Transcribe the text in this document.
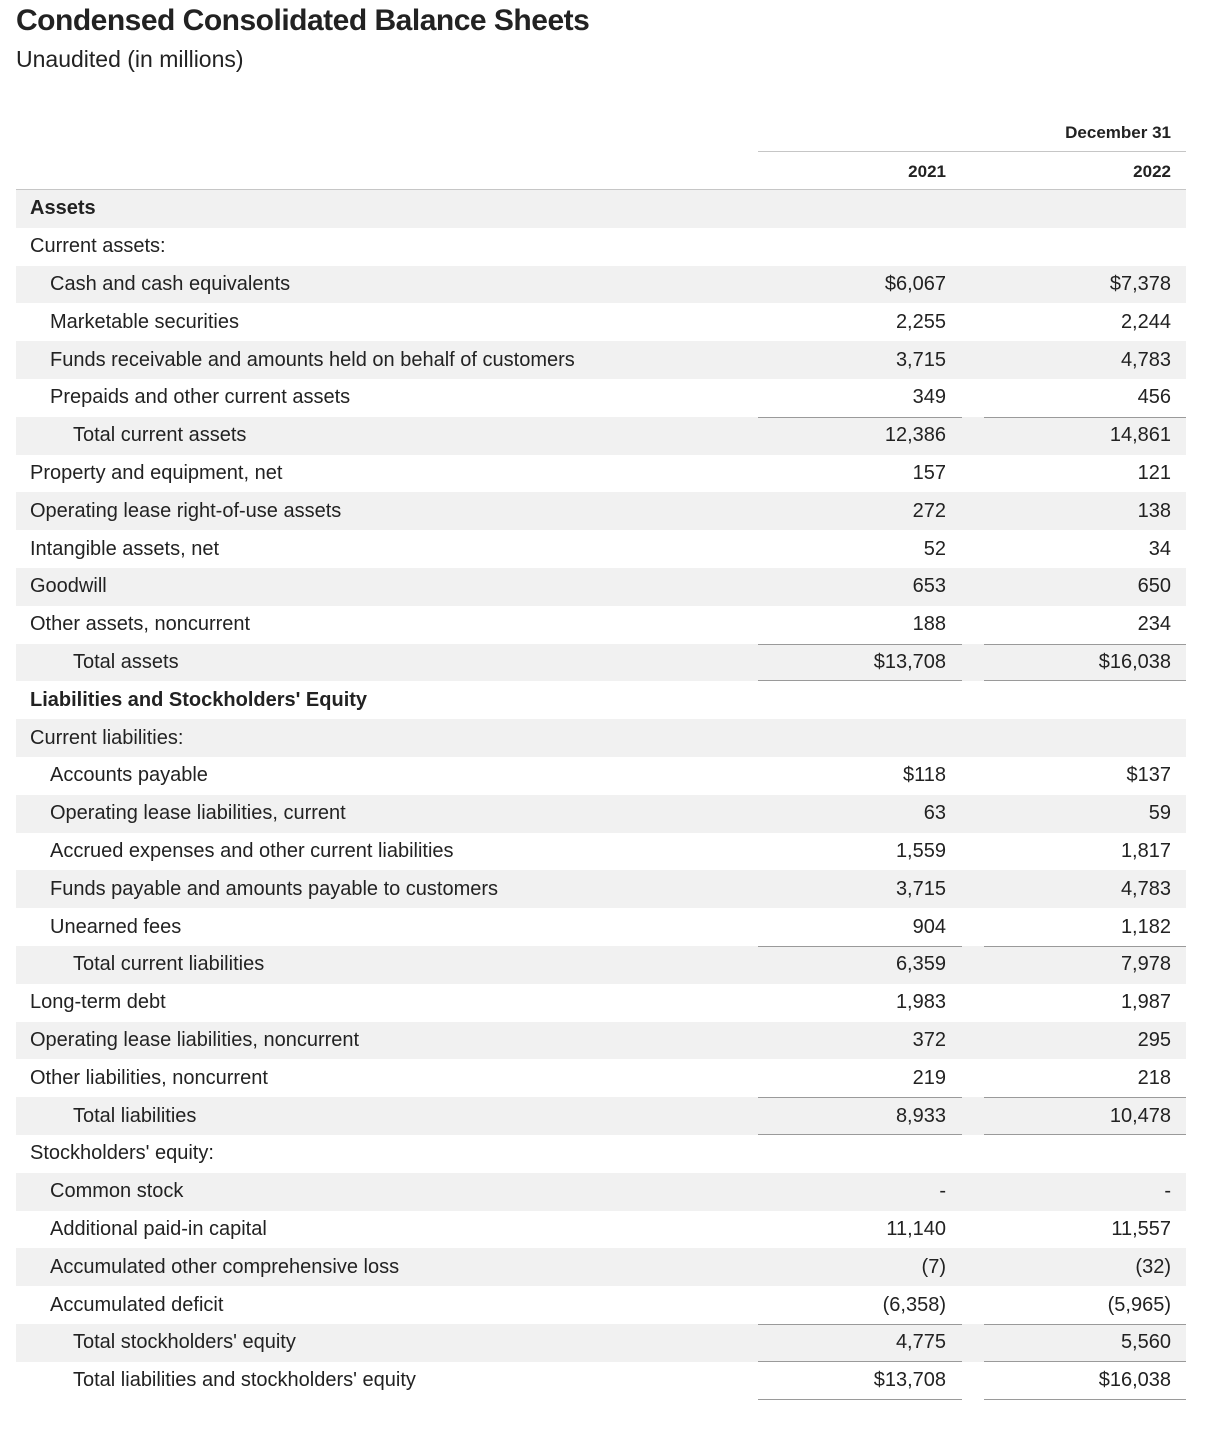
Condensed Consolidated Balance Sheets
Unaudited (in millions)
December 31
2021	2022
Assets
Current assets:
Cash and cash equivalents	$6,067	$7,378
Marketable securities	2,255	2,244
Funds receivable and amounts held on behalf of customers	3,715	4,783
Prepaids and other current assets	349	456
Total current assets	12,386	14,861
Property and equipment, net	157	121
Operating lease right-of-use assets	272	138
Intangible assets, net	52	34
Goodwill	653	650
Other assets, noncurrent	188	234
Total assets	$13,708	$16,038
Liabilities and Stockholders' Equity
Current liabilities:
Accounts payable	$118	$137
Operating lease liabilities, current	63	59
Accrued expenses and other current liabilities	1,559	1,817
Funds payable and amounts payable to customers	3,715	4,783
Unearned fees	904	1,182
Total current liabilities	6,359	7,978
Long-term debt	1,983	1,987
Operating lease liabilities, noncurrent	372	295
Other liabilities, noncurrent	219	218
Total liabilities	8,933	10,478
Stockholders' equity:
Common stock	-	-
Additional paid-in capital	11,140	11,557
Accumulated other comprehensive loss	(7)	(32)
Accumulated deficit	(6,358)	(5,965)
Total stockholders' equity	4,775	5,560
Total liabilities and stockholders' equity	$13,708	$16,038
